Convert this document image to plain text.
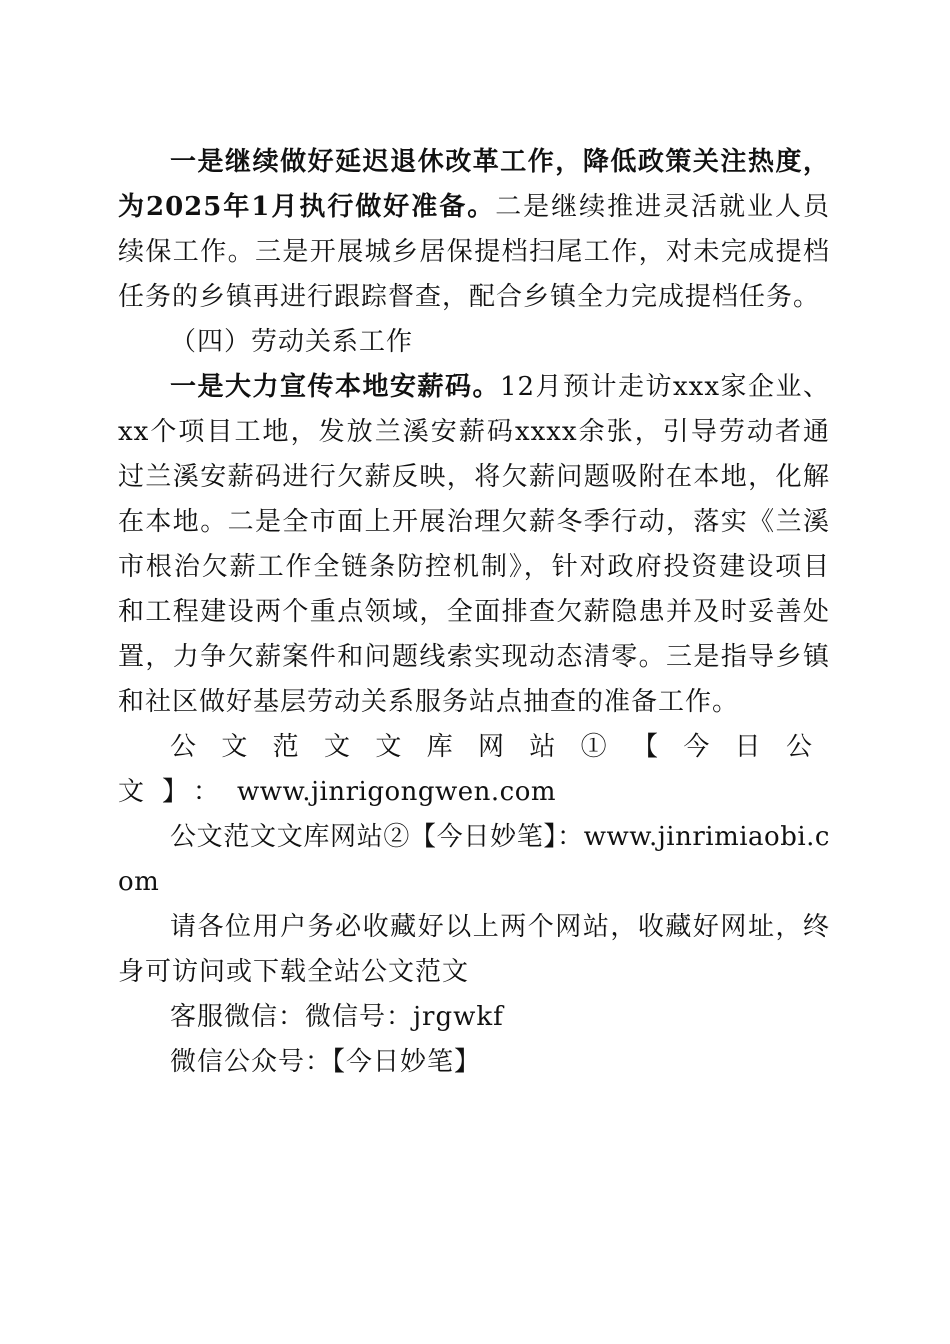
一是继续做好延迟退休改革工作，降低政策关注热度，为2025年1月执行做好准备。二是继续推进灵活就业人员续保工作。三是开展城乡居保提档扫尾工作，对未完成提档任务的乡镇再进行跟踪督查，配合乡镇全力完成提档任务。

（四）劳动关系工作

一是大力宣传本地安薪码。12月预计走访xxx家企业、xx个项目工地，发放兰溪安薪码xxxx余张，引导劳动者通过兰溪安薪码进行欠薪反映，将欠薪问题吸附在本地，化解在本地。二是全市面上开展治理欠薪冬季行动，落实《兰溪市根治欠薪工作全链条防控机制》，针对政府投资建设项目和工程建设两个重点领域，全面排查欠薪隐患并及时妥善处置，力争欠薪案件和问题线索实现动态清零。三是指导乡镇和社区做好基层劳动关系服务站点抽查的准备工作。

公文范文文库网站①【今日公文】：www.jinrigongwen.com

公文范文文库网站②【今日妙笔】：www.jinrimiaobi.com

请各位用户务必收藏好以上两个网站，收藏好网址，终身可访问或下载全站公文范文

客服微信：微信号：jrgwkf

微信公众号：【今日妙笔】
